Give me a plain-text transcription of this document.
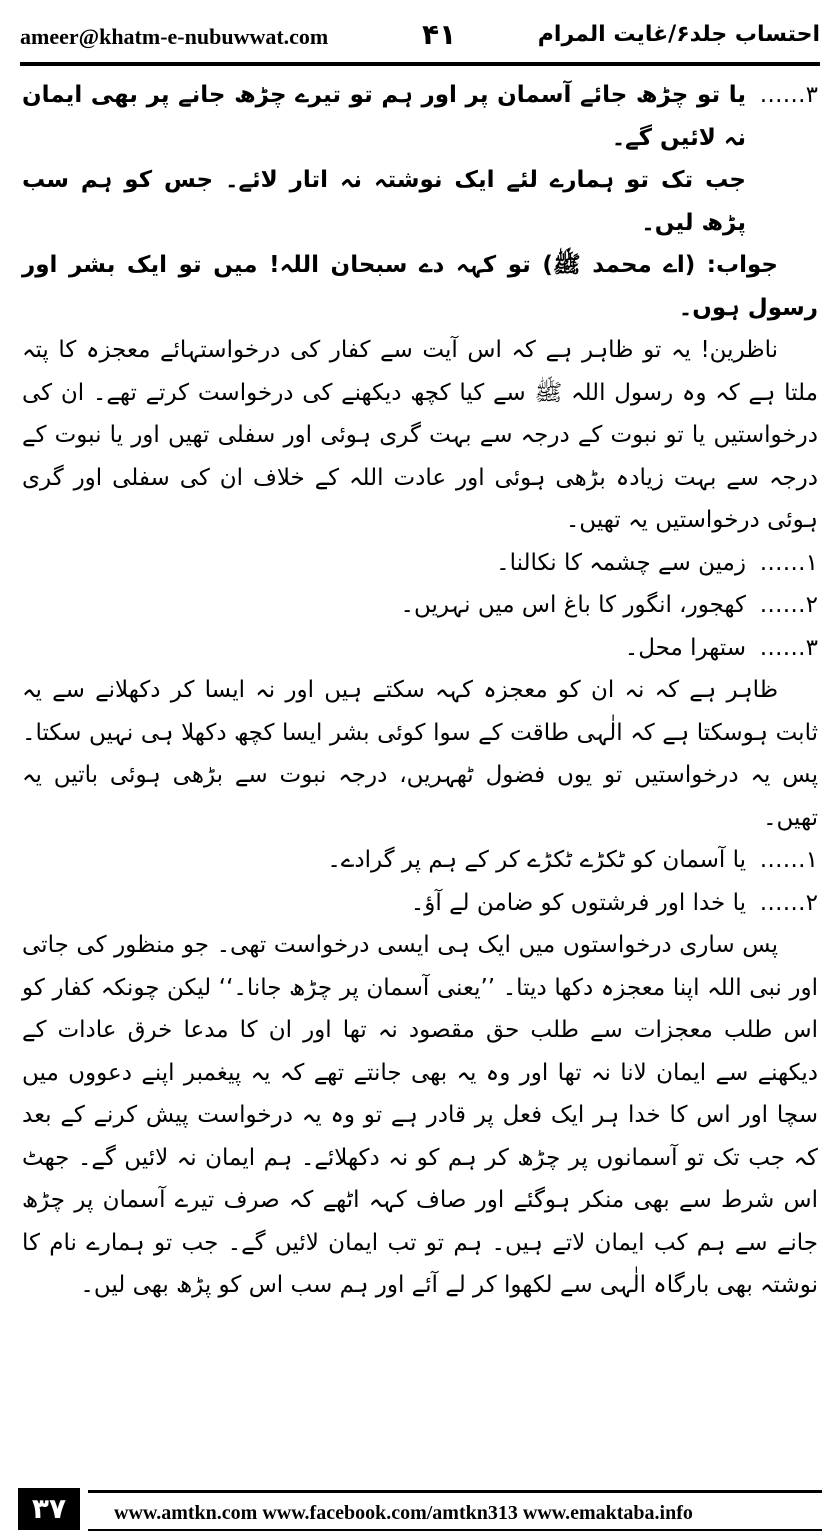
ameer@khatm-e-nubuwwat.com	۴۱	احتساب جلد۶/غایت المرام

۳……
یا تو چڑھ جائے آسمان پر اور ہم تو تیرے چڑھ جانے پر بھی ایمان نہ لائیں گے۔

جب تک تو ہمارے لئے ایک نوشتہ نہ اتار لائے۔ جس کو ہم سب پڑھ لیں۔

جواب: (اے محمد ﷺ) تو کہہ دے سبحان اللہ! میں تو ایک بشر اور رسول ہوں۔

ناظرین! یہ تو ظاہر ہے کہ اس آیت سے کفار کی درخواستہائے معجزہ کا پتہ ملتا ہے کہ وہ رسول اللہ ﷺ سے کیا کچھ دیکھنے کی درخواست کرتے تھے۔ ان کی درخواستیں یا تو نبوت کے درجہ سے بہت گری ہوئی اور سفلی تھیں اور یا نبوت کے درجہ سے بہت زیادہ بڑھی ہوئی اور عادت اللہ کے خلاف ان کی سفلی اور گری ہوئی درخواستیں یہ تھیں۔

۱……
زمین سے چشمہ کا نکالنا۔

۲……
کھجور، انگور کا باغ اس میں نہریں۔

۳……
ستھرا محل۔

ظاہر ہے کہ نہ ان کو معجزہ کہہ سکتے ہیں اور نہ ایسا کر دکھلانے سے یہ ثابت ہوسکتا ہے کہ الٰہی طاقت کے سوا کوئی بشر ایسا کچھ دکھلا ہی نہیں سکتا۔ پس یہ درخواستیں تو یوں فضول ٹھہریں، درجہ نبوت سے بڑھی ہوئی باتیں یہ تھیں۔

۱……
یا آسمان کو ٹکڑے ٹکڑے کر کے ہم پر گرادے۔

۲……
یا خدا اور فرشتوں کو ضامن لے آؤ۔

پس ساری درخواستوں میں ایک ہی ایسی درخواست تھی۔ جو منظور کی جاتی اور نبی اللہ اپنا معجزہ دکھا دیتا۔ ’’یعنی آسمان پر چڑھ جانا۔‘‘ لیکن چونکہ کفار کو اس طلب معجزات سے طلب حق مقصود نہ تھا اور ان کا مدعا خرق عادات کے دیکھنے سے ایمان لانا نہ تھا اور وہ یہ بھی جانتے تھے کہ یہ پیغمبر اپنے دعووں میں سچا اور اس کا خدا ہر ایک فعل پر قادر ہے تو وہ یہ درخواست پیش کرنے کے بعد کہ جب تک تو آسمانوں پر چڑھ کر ہم کو نہ دکھلائے۔ ہم ایمان نہ لائیں گے۔ جھٹ اس شرط سے بھی منکر ہوگئے اور صاف کہہ اٹھے کہ صرف تیرے آسمان پر چڑھ جانے سے ہم کب ایمان لاتے ہیں۔ ہم تو تب ایمان لائیں گے۔ جب تو ہمارے نام کا نوشتہ بھی بارگاہ الٰہی سے لکھوا کر لے آئے اور ہم سب اس کو پڑھ بھی لیں۔

۳۷	www.amtkn.com www.facebook.com/amtkn313 www.emaktaba.info
